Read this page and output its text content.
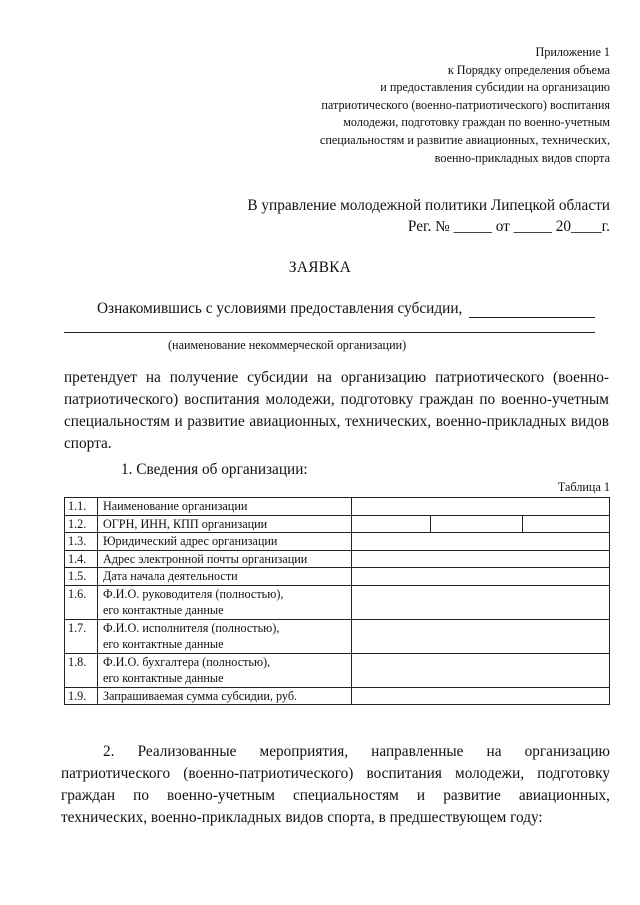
Приложение 1
к Порядку определения объема
и предоставления субсидии на организацию
патриотического (военно-патриотического) воспитания
молодежи, подготовку граждан по военно-учетным
специальностям и развитие авиационных, технических,
военно-прикладных видов спорта
В управление молодежной политики Липецкой области
Рег. № _____ от _____ 20____г.
ЗАЯВКА
Ознакомившись с условиями предоставления субсидии,
(наименование некоммерческой организации)

претендует на получение субсидии на организацию патриотического (военно-патриотического) воспитания молодежи, подготовку граждан по военно-учетным специальностям и развитие авиационных, технических, военно-прикладных видов спорта.

1. Сведения об организации:
Таблица 1
1.1.	Наименование организации			

1.2.	ОГРН, ИНН, КПП организации			

1.3.	Юридический адрес организации			

1.4.	Адрес электронной почты организации			

1.5.	Дата начала деятельности			

1.6.	Ф.И.О. руководителя (полностью),
его контактные данные			

1.7.	Ф.И.О. исполнителя (полностью),
его контактные данные			

1.8.	Ф.И.О. бухгалтера (полностью),
его контактные данные			

1.9.	Запрашиваемая сумма субсидии, руб.			

2. Реализованные мероприятия, направленные на организацию
патриотического (военно-патриотического) воспитания молодежи, подготовку граждан по военно-учетным специальностям и развитие авиационных, технических, военно-прикладных видов спорта, в предшествующем году:
